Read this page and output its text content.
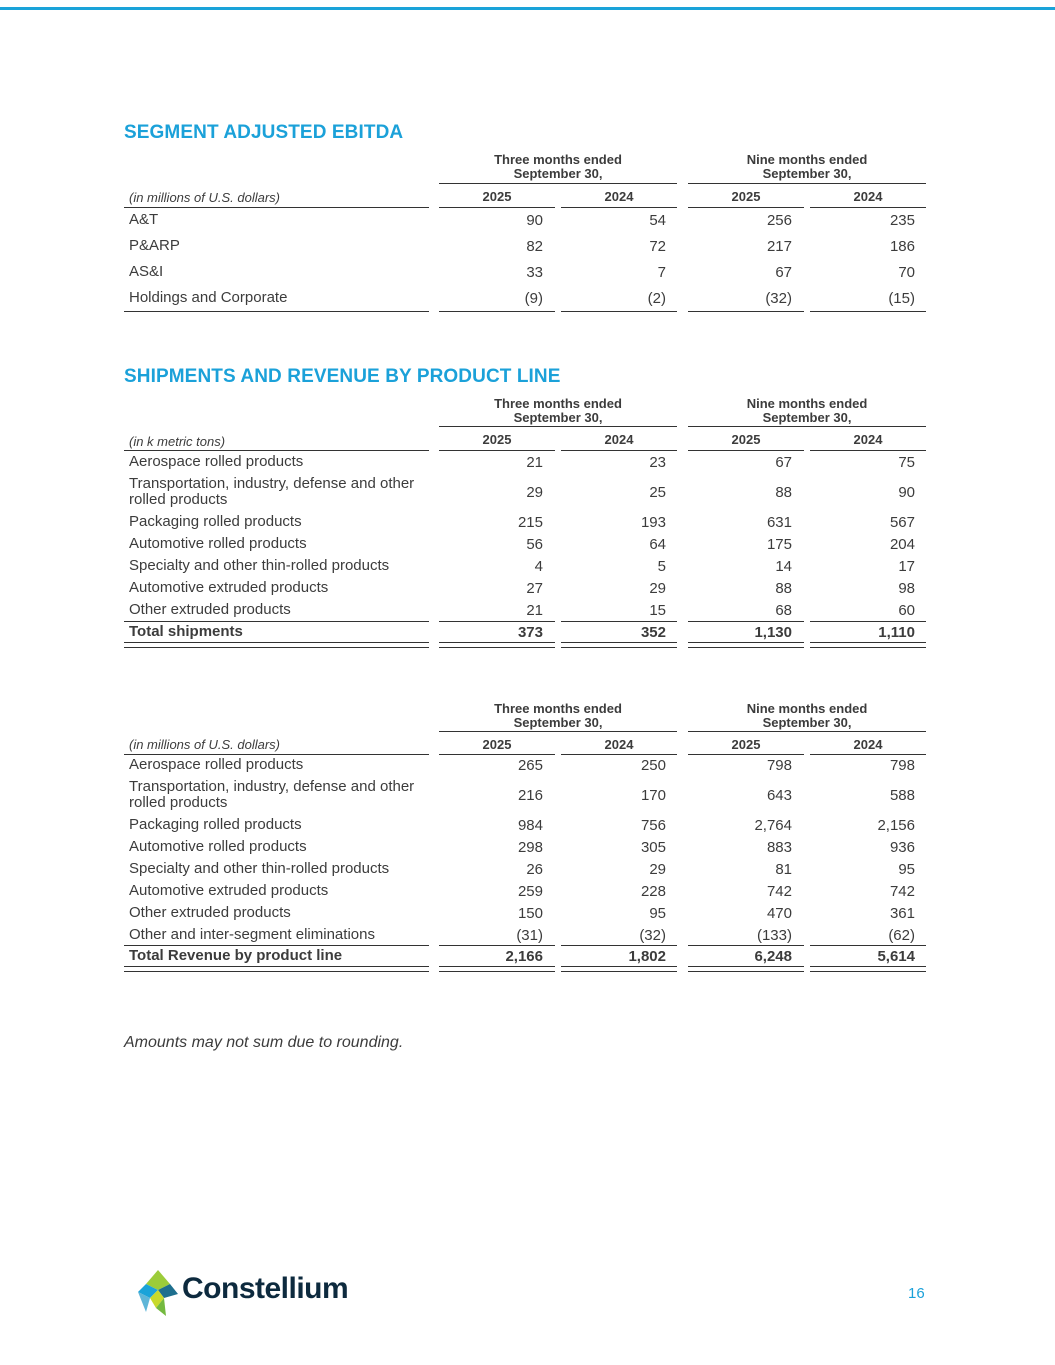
SEGMENT ADJUSTED EBITDA
Three months ended
September 30,
Nine months ended
September 30,
(in millions of U.S. dollars)	2025	2024	2025	2024
A&T	90	54	256	235
P&ARP	82	72	217	186
AS&I	33	7	67	70
Holdings and Corporate	(9)	(2)	(32)	(15)
SHIPMENTS AND REVENUE BY PRODUCT LINE
Three months ended
September 30,
Nine months ended
September 30,
(in k metric tons)	2025	2024	2025	2024
Aerospace rolled products	21	23	67	75
Transportation, industry, defense and other rolled products	29	25	88	90
Packaging rolled products	215	193	631	567
Automotive rolled products	56	64	175	204
Specialty and other thin-rolled products	4	5	14	17
Automotive extruded products	27	29	88	98
Other extruded products	21	15	68	60
Total shipments	373	352	1,130	1,110
Three months ended
September 30,
Nine months ended
September 30,
(in millions of U.S. dollars)	2025	2024	2025	2024
Aerospace rolled products	265	250	798	798
Transportation, industry, defense and other rolled products	216	170	643	588
Packaging rolled products	984	756	2,764	2,156
Automotive rolled products	298	305	883	936
Specialty and other thin-rolled products	26	29	81	95
Automotive extruded products	259	228	742	742
Other extruded products	150	95	470	361
Other and inter-segment eliminations	(31)	(32)	(133)	(62)
Total Revenue by product line	2,166	1,802	6,248	5,614
Amounts may not sum due to rounding.
Constellium	16
